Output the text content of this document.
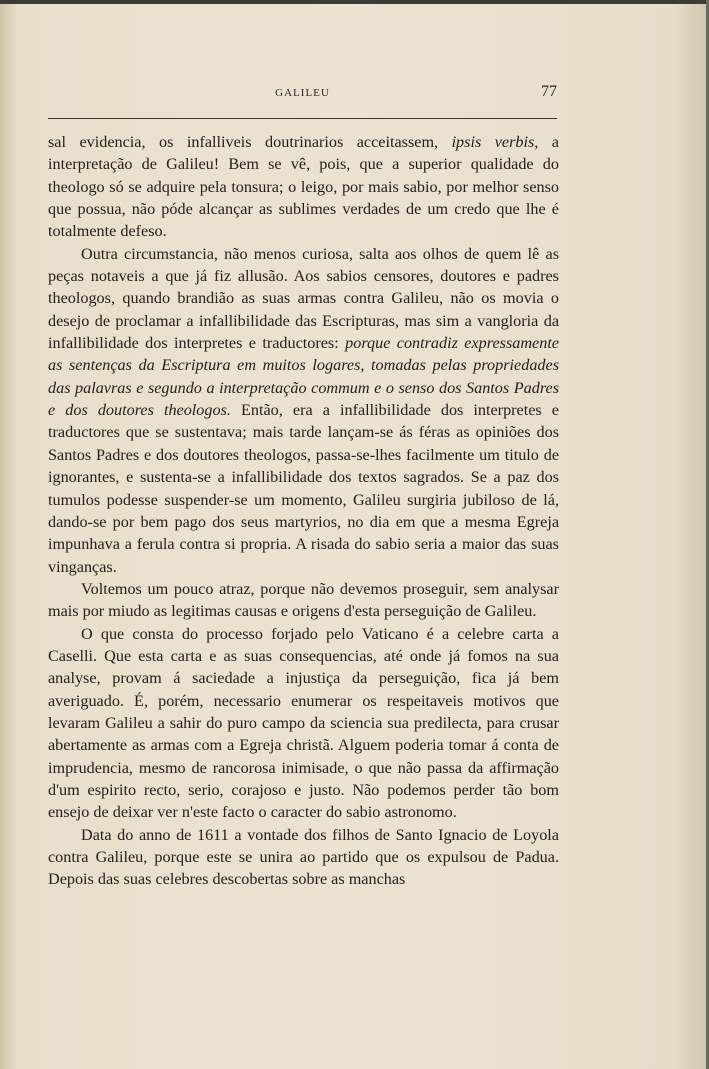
GALILEU	77

sal evidencia, os infalliveis doutrinarios acceitassem, ipsis verbis, a interpretação de Galileu! Bem se vê, pois, que a superior qualidade do theologo só se adquire pela tonsura; o leigo, por mais sabio, por melhor senso que possua, não póde alcançar as sublimes verdades de um credo que lhe é totalmente defeso.

Outra circumstancia, não menos curiosa, salta aos olhos de quem lê as peças notaveis a que já fiz allusão. Aos sabios censores, doutores e padres theologos, quando brandião as suas armas contra Galileu, não os movia o desejo de proclamar a infallibilidade das Escripturas, mas sim a vangloria da infallibilidade dos interpretes e traductores: porque contradiz expressamente as sentenças da Escriptura em muitos logares, tomadas pelas propriedades das palavras e segundo a interpretação commum e o senso dos Santos Padres e dos doutores theologos. Então, era a infallibilidade dos interpretes e traductores que se sustentava; mais tarde lançam-se ás féras as opiniões dos Santos Padres e dos doutores theologos, passa-se-lhes facilmente um titulo de ignorantes, e sustenta-se a infallibilidade dos textos sagrados. Se a paz dos tumulos podesse suspender-se um momento, Galileu surgiria jubiloso de lá, dando-se por bem pago dos seus martyrios, no dia em que a mesma Egreja impunhava a ferula contra si propria. A risada do sabio seria a maior das suas vinganças.

Voltemos um pouco atraz, porque não devemos proseguir, sem analysar mais por miudo as legitimas causas e origens d'esta perseguição de Galileu.

O que consta do processo forjado pelo Vaticano é a celebre carta a Caselli. Que esta carta e as suas consequencias, até onde já fomos na sua analyse, provam á saciedade a injustiça da perseguição, fica já bem averiguado. É, porém, necessario enumerar os respeitaveis motivos que levaram Galileu a sahir do puro campo da sciencia sua predilecta, para crusar abertamente as armas com a Egreja christã. Alguem poderia tomar á conta de imprudencia, mesmo de rancorosa inimisade, o que não passa da affirmação d'um espirito recto, serio, corajoso e justo. Não podemos perder tão bom ensejo de deixar ver n'este facto o caracter do sabio astronomo.

Data do anno de 1611 a vontade dos filhos de Santo Ignacio de Loyola contra Galileu, porque este se unira ao partido que os expulsou de Padua. Depois das suas celebres descobertas sobre as manchas
